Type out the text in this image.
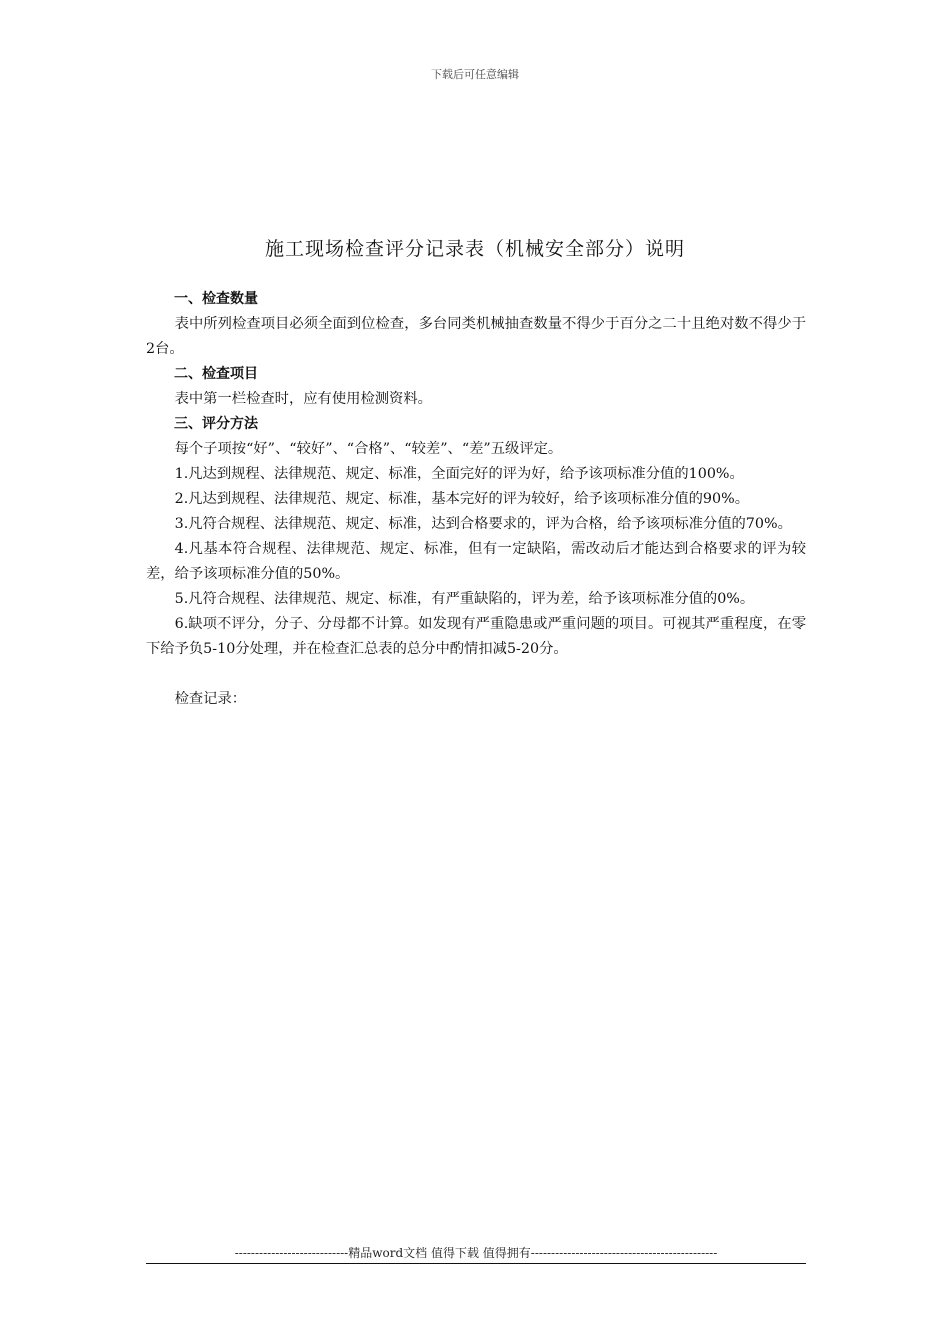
下载后可任意编辑
施工现场检查评分记录表（机械安全部分）说明

一、检查数量

表中所列检查项目必须全面到位检查，多台同类机械抽查数量不得少于百分之二十且绝对数不得少于2台。

二、检查项目

表中第一栏检查时，应有使用检测资料。

三、评分方法

每个子项按“好”、“较好”、“合格”、“较差”、“差”五级评定。

1.凡达到规程、法律规范、规定、标准，全面完好的评为好，给予该项标准分值的100%。

2.凡达到规程、法律规范、规定、标准，基本完好的评为较好，给予该项标准分值的90%。

3.凡符合规程、法律规范、规定、标准，达到合格要求的，评为合格，给予该项标准分值的70%。

4.凡基本符合规程、法律规范、规定、标准，但有一定缺陷，需改动后才能达到合格要求的评为较差，给予该项标准分值的50%。

5.凡符合规程、法律规范、规定、标准，有严重缺陷的，评为差，给予该项标准分值的0%。

6.缺项不评分，分子、分母都不计算。如发现有严重隐患或严重问题的项目。可视其严重程度，在零下给予负5-10分处理，并在检查汇总表的总分中酌情扣减5-20分。

检查记录：

----------------------------精品word文档 值得下载 值得拥有----------------------------------------------
